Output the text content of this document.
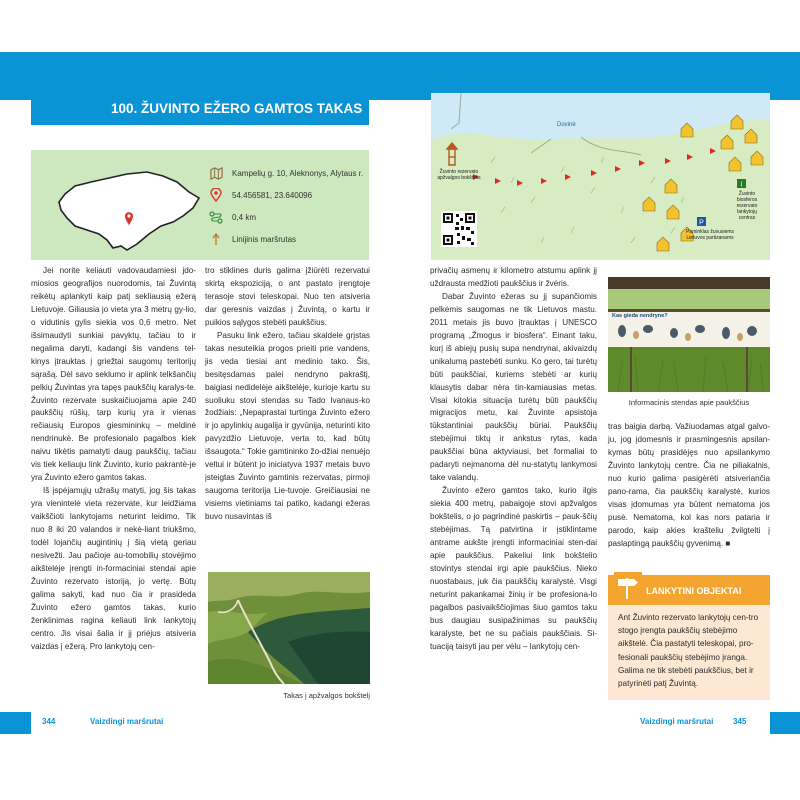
100. ŽUVINTO EŽERO GAMTOS TAKAS
Kampelių g. 10, Aleknonys, Alytaus r.
54.456581, 23.640096
0,4 km
Linijinis maršrutas
i
P
Dovinė
Žuvinto rezervato apžvalgos bokštelis
Žuvinto biosferos rezervato lankytojų centras
Paminklas žuvusiems Lietuvos partizanams

Jei norite keliauti vadovaudamiesi jdo-miosios geografijos nuorodomis, tai Žuvintą reikėtų aplankyti kaip patį sekliausią ežerą Lietuvoje. Giliausia jo vieta yra 3 metrų gy-lio, o vidutinis gylis siekia vos 0,6 metro. Net išsimaudyti sunkiai pavyktų, tačiau to ir negalima daryti, kadangi šis vandens tel-kinys įtrauktas į griežtai saugomų teritorijų sąrašą. Dėl savo seklumo ir aplink telkšančių pelkių Žuvintas yra tapęs paukščių karalys-te. Žuvinto rezervate suskaičiuojama apie 240 paukščių rūšių, tarp kurių yra ir vienas rečiausių Europos giesmininkų – meldinė nendrinukė. Be profesionalo pagalbos kiek naivu tikėtis pamatyti daug paukščių, tačiau vis tiek keliauju link Žuvinto, kurio pakrantė-je yra Žuvinto ežero gamtos takas.

Iš įspėjamųjų užrašų matyti, jog šis takas yra vienintelė vieta rezervate, kur leidžiama vaikščioti lankytojams neturint leidimo. Tik nuo 8 iki 20 valandos ir nekė-liant triukšmo, todėl lojančių augintinių į šią vietą geriau nesivežti. Jau pačioje au-tomobilių stovėjimo aikštelėje įrengti in-formaciniai stendai apie Žuvinto rezervato istoriją, jo vertę. Būtų galima sakyti, kad nuo čia ir prasideda Žuvinto ežero gamtos takas, kurio ženklinimas ragina keliauti link lankytojų centro. Jis visai šalia ir jį priėjus atsiveria vaizdas į ežerą. Pro lankytojų cen-

tro stiklines duris galima įžiūrėti rezervatui skirtą ekspoziciją, o ant pastato įrengtoje terasoje stovi teleskopai. Nuo ten atsiveria dar geresnis vaizdas į Žuvintą, o kartu ir puikios sąlygos stebėti paukščius.

Pasuku link ežero, tačiau skaldele grįstas takas nesuteikia progos prieiti prie vandens, jis veda tiesiai ant medinio tako. Šis, besitęsdamas palei nendryno pakraštį, baigiasi nedidelėje aikštelėje, kurioje kartu su suoliuku stovi stendas su Tado Ivanaus-ko žodžiais: „Nepaprastai turtinga Žuvinto ežero ir jo apylinkių augalija ir gyvūnija, neturinti kito pavyzdžio Lietuvoje, verta to, kad būtų išsaugota.“ Tokie gamtininko žo-džiai nenuėjo veltui ir būtent jo iniciatyva 1937 metais buvo įsteigtas Žuvinto gamtinis rezervatas, pirmoji saugoma teritorija Lie-tuvoje. Greičiausiai ne visiems vietiniams tai patiko, kadangi ežeras buvo nusavintas iš

privačių asmenų ir kilometro atstumu aplink jį uždrausta medžioti paukščius ir žvėris.

Dabar Žuvinto ežeras su jį supančiomis pelkėmis saugomas ne tik Lietuvos mastu. 2011 metais jis buvo įtrauktas į UNESCO programą „Žmogus ir biosfera“. Einant taku, kurį iš abiejų pusių supa nendrynai, akivaizdų unikalumą pastebėti sunku. Ko gero, tai turėtų būti paukščiai, kuriems stebėti ar kurių klausytis dabar nėra tin-kamiausias metas. Visai kitokia situacija turėtų būti paukščių migracijos metu, kai Žuvinte apsistoja tūkstantiniai paukščių būriai. Paukščių stebėjimui tiktų ir ankstus rytas, kada paukščiai būna aktyviausi, bet formaliai to padaryti neįmanoma dėl nu-statytų lankymosi take valandų.

Žuvinto ežero gamtos tako, kurio ilgis siekia 400 metrų, pabaigoje stovi apžvalgos bokštelis, o jo pagrindinė paskirtis – pauk-ščių stebėjimas. Tą patvirtina ir įstiklintame antrame aukšte įrengti informaciniai sten-dai apie paukščius. Pakeliui link bokštelio stovintys stendai irgi apie paukščius. Nieko nuostabaus, juk čia paukščių karalystė. Visgi neturint pakankamai žinių ir be profesiona-lo pagalbos pasivaikščiojimas šiuo gamtos taku bus daugiau susipažinimas su paukščių karalyste, bet ne su pačiais paukščiais. Si-tuaciją taisyti jau per vėlu – lankytojų cen-

tras baigia darbą. Važiuodamas atgal galvo-ju, jog įdomesnis ir prasmingesnis apsilan-kymas būtų prasidėjęs nuo apsilankymo Žuvinto lankytojų centre. Čia ne piliakalnis, nuo kurio galima pasigėrėti atsiveriančia pano-rama, čia paukščių karalystė, kurios visas įdomumas yra būtent nematoma jos pusė. Nematoma, kol kas nors pataria ir parodo, kaip akies krašteliu žvilgtelti į paslaptingą paukščių gyvenimą. ■

Takas į apžvalgos bokštelį
Kas gieda nendryne?
Informacinis stendas apie paukščius
LANKYTINI OBJEKTAI
Ant Žuvinto rezervato lankytojų cen-tro stogo įrengta paukščių stebėjimo aikštelė. Čia pastatyti teleskopai, pro-fesionali paukščių stebėjimo įranga. Galima ne tik stebėti paukščius, bet ir patyrinėti patį Žuvintą.
344	Vaizdingi maršrutai	Vaizdingi maršrutai 345
